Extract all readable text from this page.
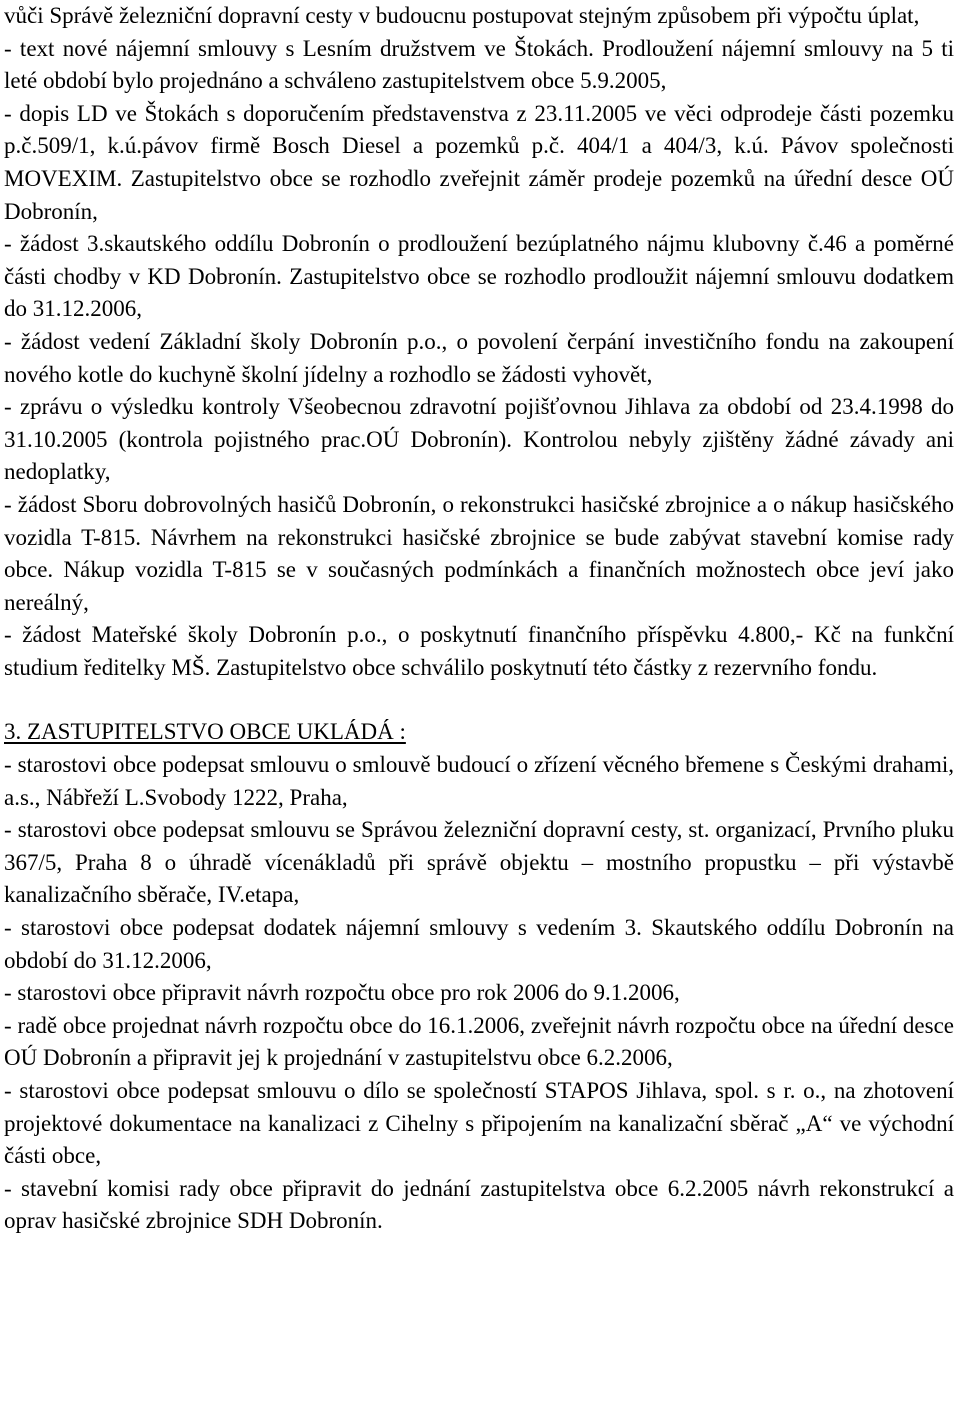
vůči Správě železniční dopravní cesty v budoucnu postupovat stejným způsobem při výpočtu úplat,

- text nové nájemní smlouvy s Lesním družstvem ve Štokách. Prodloužení nájemní smlouvy na 5 ti leté období bylo projednáno a schváleno zastupitelstvem obce 5.9.2005,

- dopis LD ve Štokách s doporučením představenstva z 23.11.2005 ve věci odprodeje části pozemku p.č.509/1, k.ú.pávov firmě Bosch Diesel a pozemků p.č. 404/1 a 404/3, k.ú. Pávov společnosti MOVEXIM. Zastupitelstvo obce se rozhodlo zveřejnit záměr prodeje pozemků na úřední desce OÚ Dobronín,

- žádost 3.skautského oddílu Dobronín o prodloužení bezúplatného nájmu klubovny č.46 a poměrné části chodby v KD Dobronín. Zastupitelstvo obce se rozhodlo prodloužit nájemní smlouvu dodatkem do 31.12.2006,

- žádost vedení Základní školy Dobronín p.o., o povolení čerpání investičního fondu na zakoupení nového kotle do kuchyně školní jídelny a rozhodlo se žádosti vyhovět,

- zprávu o výsledku kontroly Všeobecnou zdravotní pojišťovnou Jihlava za období od 23.4.1998 do 31.10.2005 (kontrola pojistného prac.OÚ Dobronín). Kontrolou nebyly zjištěny žádné závady ani nedoplatky,

- žádost Sboru dobrovolných hasičů Dobronín, o rekonstrukci hasičské zbrojnice a o nákup hasičského vozidla T-815. Návrhem na rekonstrukci hasičské zbrojnice se bude zabývat stavební komise rady obce. Nákup vozidla T-815 se v současných podmínkách a finančních možnostech obce jeví jako nereálný,

- žádost Mateřské školy Dobronín p.o., o poskytnutí finančního příspěvku 4.800,- Kč na funkční studium ředitelky MŠ. Zastupitelstvo obce schválilo poskytnutí této částky z rezervního fondu.

3. ZASTUPITELSTVO OBCE UKLÁDÁ :

- starostovi obce podepsat smlouvu o smlouvě budoucí o zřízení věcného břemene s Českými drahami, a.s., Nábřeží L.Svobody 1222, Praha,

- starostovi obce podepsat smlouvu se Správou železniční dopravní cesty, st. organizací, Prvního pluku 367/5, Praha 8 o úhradě vícenákladů při správě objektu – mostního propustku – při výstavbě kanalizačního sběrače, IV.etapa,

- starostovi obce podepsat dodatek nájemní smlouvy s vedením 3. Skautského oddílu Dobronín na období do 31.12.2006,

- starostovi obce připravit návrh rozpočtu obce pro rok 2006 do 9.1.2006,

- radě obce projednat návrh rozpočtu obce do 16.1.2006, zveřejnit návrh rozpočtu obce na úřední desce OÚ Dobronín a připravit jej k projednání v zastupitelstvu obce 6.2.2006,

- starostovi obce podepsat smlouvu o dílo se společností STAPOS Jihlava, spol. s r. o., na zhotovení projektové dokumentace na kanalizaci z Cihelny s připojením na kanalizační sběrač „A“ ve východní části obce,

- stavební komisi rady obce připravit do jednání zastupitelstva obce 6.2.2005 návrh rekonstrukcí a oprav hasičské zbrojnice SDH Dobronín.
